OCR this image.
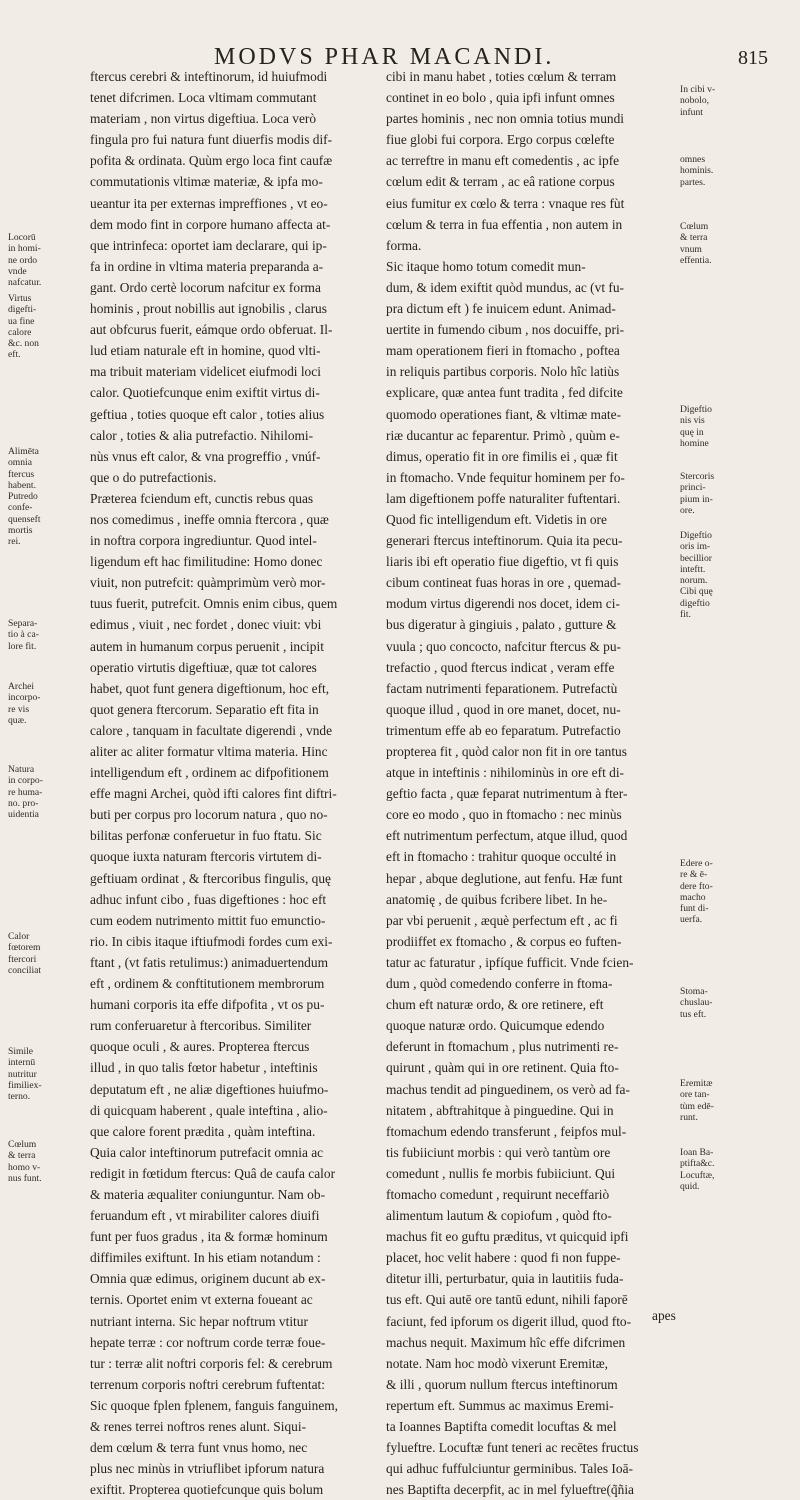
MODVS PHAR MACANDI.	815
ftercus cerebri & inteftinorum, id huiufmodi
tenet difcrimen. Loca vltimam commutant
materiam , non virtus digeftiua. Loca verò
fingula pro fui natura funt diuerfis modis dif-
pofita & ordinata. Quùm ergo loca fint caufæ
commutationis vltimæ materiæ, & ipfa mo-
ueantur ita per externas impreffiones , vt eo-
dem modo fint in corpore humano affecta at-
que intrinfeca: oportet iam declarare, qui ip-
fa in ordine in vltima materia preparanda a-
gant. Ordo certè locorum nafcitur ex forma
hominis , prout nobillis aut ignobilis , clarus
aut obfcurus fuerit, eámque ordo obferuat. Il-
lud etiam naturale eft in homine, quod vlti-
ma tribuit materiam videlicet eiufmodi loci
calor. Quotiefcunque enim exiftit virtus di-
geftiua , toties quoque eft calor , toties alius
calor , toties & alia putrefactio. Nihilomi-
nùs vnus eft calor, & vna progreffio , vnúf-
que o do putrefactionis.
Præterea fciendum eft, cunctis rebus quas
nos comedimus , ineffe omnia ftercora , quæ
in noftra corpora ingrediuntur. Quod intel-
ligendum eft hac fimilitudine: Homo donec
viuit, non putrefcit: quàmprimùm verò mor-
tuus fuerit, putrefcit. Omnis enim cibus, quem
edimus , viuit , nec fordet , donec viuit: vbi
autem in humanum corpus peruenit , incipit
operatio virtutis digeftiuæ, quæ tot calores
habet, quot funt genera digeftionum, hoc eft,
quot genera ftercorum. Separatio eft fita in
calore , tanquam in facultate digerendi , vnde
aliter ac aliter formatur vltima materia. Hinc
intelligendum eft , ordinem ac difpofitionem
effe magni Archei, quòd ifti calores fint diftri-
buti per corpus pro locorum natura , quo no-
bilitas perfonæ conferuetur in fuo ftatu. Sic
quoque iuxta naturam ftercoris virtutem di-
geftiuam ordinat , & ftercoribus fingulis, quę
adhuc infunt cibo , fuas digeftiones : hoc eft
cum eodem nutrimento mittit fuo emunctio-
rio. In cibis itaque iftiufmodi fordes cum exi-
ftant , (vt fatis retulimus:) animaduertendum
eft , ordinem & conftitutionem membrorum
humani corporis ita effe difpofita , vt os pu-
rum conferuaretur à ftercoribus. Similiter
quoque oculi , & aures. Propterea ftercus
illud , in quo talis fœtor habetur , inteftinis
deputatum eft , ne aliæ digeftiones huiufmo-
di quicquam haberent , quale inteftina , alio-
que calore forent prædita , quàm inteftina.
Quia calor inteftinorum putrefacit omnia ac
redigit in fœtidum ftercus: Quâ de caufa calor
& materia æqualiter coniunguntur. Nam ob-
feruandum eft , vt mirabiliter calores diuifi
funt per fuos gradus , ita & formæ hominum
diffimiles exiftunt. In his etiam notandum :
Omnia quæ edimus, originem ducunt ab ex-
ternis. Oportet enim vt externa foueant ac
nutriant interna. Sic hepar noftrum vtitur
hepate terræ : cor noftrum corde terræ foue-
tur : terræ alit noftri corporis fel: & cerebrum
terrenum corporis noftri cerebrum fuftentat:
Sic quoque fplen fplenem, fanguis fanguinem,
& renes terrei noftros renes alunt. Siqui-
dem cœlum & terra funt vnus homo, nec
plus nec minùs in vtriuflibet ipforum natura
exiftit. Propterea quotiefcunque quis bolum
cibi in manu habet , toties cœlum & terram
continet in eo bolo , quia ipfi infunt omnes
partes hominis , nec non omnia totius mundi
fiue globi fui corpora. Ergo corpus cœlefte
ac terreftre in manu eft comedentis , ac ipfe
cœlum edit & terram , ac eâ ratione corpus
eius fumitur ex cœlo & terra : vnaque res fùt
cœlum & terra in fua effentia , non autem in
forma.
Sic itaque homo totum comedit mun-
dum, & idem exiftit quòd mundus, ac (vt fu-
pra dictum eft ) fe inuicem edunt. Animad-
uertite in fumendo cibum , nos docuiffe, pri-
mam operationem fieri in ftomacho , poftea
in reliquis partibus corporis. Nolo hîc latiùs
explicare, quæ antea funt tradita , fed difcite
quomodo operationes fiant, & vltimæ mate-
riæ ducantur ac feparentur. Primò , quùm e-
dimus, operatio fit in ore fimilis ei , quæ fit
in ftomacho. Vnde fequitur hominem per fo-
lam digeftionem poffe naturaliter fuftentari.
Quod fic intelligendum eft. Videtis in ore
generari ftercus inteftinorum. Quia ita pecu-
liaris ibi eft operatio fiue digeftio, vt fi quis
cibum contineat fuas horas in ore , quemad-
modum virtus digerendi nos docet, idem ci-
bus digeratur à gingiuis , palato , gutture &
vuula ; quo concocto, nafcitur ftercus & pu-
trefactio , quod ftercus indicat , veram effe
factam nutrimenti feparationem. Putrefactù
quoque illud , quod in ore manet, docet, nu-
trimentum effe ab eo feparatum. Putrefactio
propterea fit , quòd calor non fit in ore tantus
atque in inteftinis : nihilominùs in ore eft di-
geftio facta , quæ feparat nutrimentum à fter-
core eo modo , quo in ftomacho : nec minùs
eft nutrimentum perfectum, atque illud, quod
eft in ftomacho : trahitur quoque occulté in
hepar , abque deglutione, aut fenfu. Hæ funt
anatomię , de quibus fcribere libet. In he-
par vbi peruenit , æquè perfectum eft , ac fi
prodiiffet ex ftomacho , & corpus eo fuften-
tatur ac faturatur , ipfíque fufficit. Vnde fcien-
dum , quòd comedendo conferre in ftoma-
chum eft naturæ ordo, & ore retinere, eft
quoque naturæ ordo. Quicumque edendo
deferunt in ftomachum , plus nutrimenti re-
quirunt , quàm qui in ore retinent. Quia fto-
machus tendit ad pinguedinem, os verò ad fa-
nitatem , abftrahitque à pinguedine. Qui in
ftomachum edendo transferunt , feipfos mul-
tis fubiiciunt morbis : qui verò tantùm ore
comedunt , nullis fe morbis fubiiciunt. Qui
ftomacho comedunt , requirunt neceffariò
alimentum lautum & copiofum , quòd fto-
machus fit eo guftu præditus, vt quicquid ipfi
placet, hoc velit habere : quod fi non fuppe-
ditetur illi, perturbatur, quia in lautitiis fuda-
tus eft. Qui autē ore tantū edunt, nihili faporē
faciunt, fed ipforum os digerit illud, quod fto-
machus nequit. Maximum hîc effe difcrimen
notate. Nam hoc modò vixerunt Eremitæ,
& illi , quorum nullum ftercus inteftinorum
repertum eft. Summus ac maximus Eremi-
ta Ioannes Baptifta comedit locuftas & mel
fylueftre. Locuftæ funt teneri ac recētes fructus
qui adhuc fuffulciuntur germinibus. Tales Ioā-
nes Baptifta decerpfit, ac in mel fylueftre(q̃ñia
Locorū
in homi-
ne ordo
vnde
nafcatur.
Virtus
digefti-
ua fine
calore
&c. non
eft.
Alimēta
omnia
ftercus
habent.
Putredo
confe-
quenseft
mortis
rei.
Separa-
tio à ca-
lore fit.
Archei
incorpo-
re vis
quæ.
Natura
in corpo-
re huma-
no. pro-
uidentia
Calor
fœtorem
ftercori
conciliat
Simile
internū
nutritur
fimiliex-
terno.
Cœlum
& terra
homo v-
nus funt.
In cibi v-
nobolo,
infunt
omnes
hominis.
partes.
Cœlum
& terra
vnum
effentia.
Digeftio
nis vis
quę in
homine
Stercoris
princi-
pium in-
ore.
Digeftio
oris im-
becillior
inteftt.
norum.
Cibi quę
digeftio
fit.
Edere o-
re & ē-
dere fto-
macho
funt di-
uerfa.
Stoma-
chuslau-
tus eft.
Eremitæ
ore tan-
tùm edē-
runt.
Ioan Ba-
ptifta&c.
Locuftæ,
quid.
apes
